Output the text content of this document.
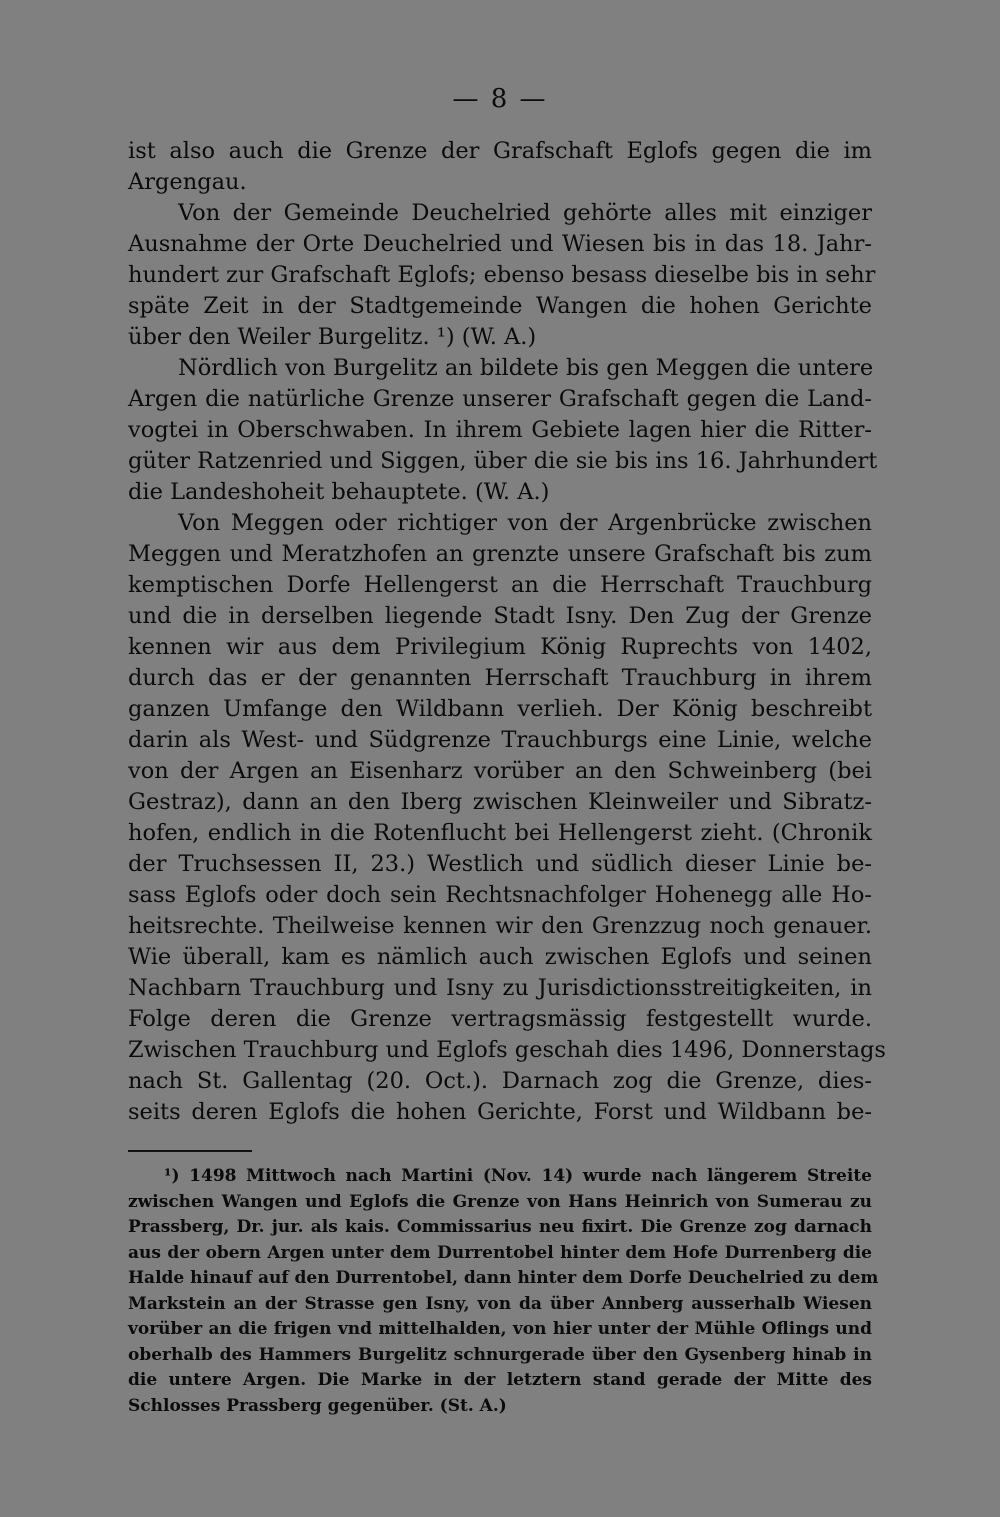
— 8 —
ist also auch die Grenze der Grafschaft Eglofs gegen die im
Argengau.
Von der Gemeinde Deuchelried gehörte alles mit einziger
Ausnahme der Orte Deuchelried und Wiesen bis in das 18. Jahr-
hundert zur Grafschaft Eglofs; ebenso besass dieselbe bis in sehr
späte Zeit in der Stadtgemeinde Wangen die hohen Gerichte
über den Weiler Burgelitz. ¹) (W. A.)
Nördlich von Burgelitz an bildete bis gen Meggen die untere
Argen die natürliche Grenze unserer Grafschaft gegen die Land-
vogtei in Oberschwaben. In ihrem Gebiete lagen hier die Ritter-
güter Ratzenried und Siggen, über die sie bis ins 16. Jahrhundert
die Landeshoheit behauptete. (W. A.)
Von Meggen oder richtiger von der Argenbrücke zwischen
Meggen und Meratzhofen an grenzte unsere Grafschaft bis zum
kemptischen Dorfe Hellengerst an die Herrschaft Trauchburg
und die in derselben liegende Stadt Isny. Den Zug der Grenze
kennen wir aus dem Privilegium König Ruprechts von 1402,
durch das er der genannten Herrschaft Trauchburg in ihrem
ganzen Umfange den Wildbann verlieh. Der König beschreibt
darin als West- und Südgrenze Trauchburgs eine Linie, welche
von der Argen an Eisenharz vorüber an den Schweinberg (bei
Gestraz), dann an den Iberg zwischen Kleinweiler und Sibratz-
hofen, endlich in die Rotenflucht bei Hellengerst zieht. (Chronik
der Truchsessen II, 23.) Westlich und südlich dieser Linie be-
sass Eglofs oder doch sein Rechtsnachfolger Hohenegg alle Ho-
heitsrechte. Theilweise kennen wir den Grenzzug noch genauer.
Wie überall, kam es nämlich auch zwischen Eglofs und seinen
Nachbarn Trauchburg und Isny zu Jurisdictionsstreitigkeiten, in
Folge deren die Grenze vertragsmässig festgestellt wurde.
Zwischen Trauchburg und Eglofs geschah dies 1496, Donnerstags
nach St. Gallentag (20. Oct.). Darnach zog die Grenze, dies-
seits deren Eglofs die hohen Gerichte, Forst und Wildbann be-
¹) 1498 Mittwoch nach Martini (Nov. 14) wurde nach längerem Streite
zwischen Wangen und Eglofs die Grenze von Hans Heinrich von Sumerau zu
Prassberg, Dr. jur. als kais. Commissarius neu fixirt. Die Grenze zog darnach
aus der obern Argen unter dem Durrentobel hinter dem Hofe Durrenberg die
Halde hinauf auf den Durrentobel, dann hinter dem Dorfe Deuchelried zu dem
Markstein an der Strasse gen Isny, von da über Annberg ausserhalb Wiesen
vorüber an die frigen vnd mittelhalden, von hier unter der Mühle Oflings und
oberhalb des Hammers Burgelitz schnurgerade über den Gysenberg hinab in
die untere Argen. Die Marke in der letztern stand gerade der Mitte des
Schlosses Prassberg gegenüber. (St. A.)
